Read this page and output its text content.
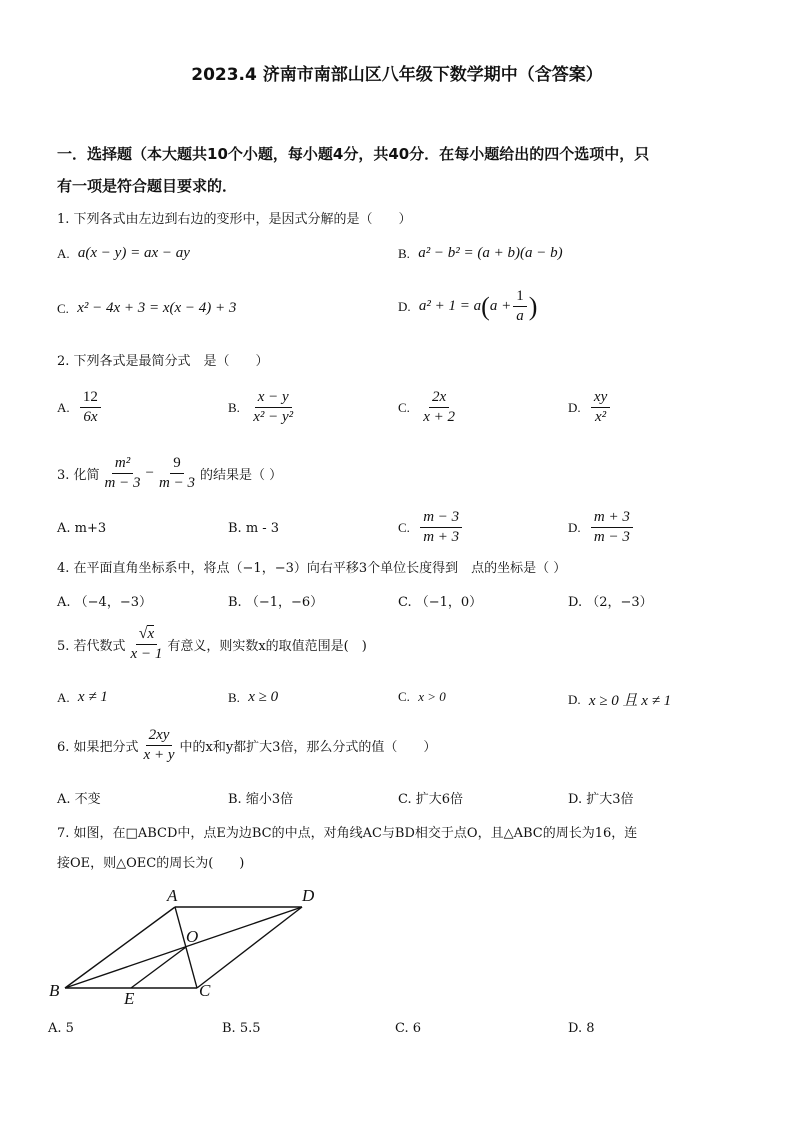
2023.4 济南市南部山区八年级下数学期中（含答案）
一．选择题（本大题共10个小题，每小题4分，共40分．在每小题给出的四个选项中，只
有一项是符合题目要求的．
1. 下列各式由左边到右边的变形中，是因式分解的是（　　）
A.
a(x − y) = ax − ay	B.
a² − b² = (a + b)(a − b)
C.
x² − 4x + 3 = x(x − 4) + 3	D.
a² + 1 = a ( $a + \frac{1}{a}$ )
2. 下列各式是最简分式　是（　　）
A.
$\frac{12}{6x}$	B.
$\frac{x - y}{\text{x² − y²}}$	C.
$\frac{2x}{x + 2}$	D.
$\frac{xy}{\text{x²}}$
3. 化简 $\frac{\text{m²}}{m - 3} - \frac{9}{m - 3}$ 的结果是（ ）
A. m+3	B. m - 3	C.
$\frac{m - 3}{m + 3}$	D.
$\frac{m + 3}{m - 3}$
4. 在平面直角坐标系中，将点（−1，−3）向右平移3个单位长度得到　点的坐标是（ ）
A. （−4，−3）	B. （−1，−6）	C. （−1，0）	D. （2，−3）
5. 若代数式 $\frac{√x}{x - 1}$ 有意义，则实数x的取值范围是(　)
A.
x ≠ 1	B.
x ≥ 0	C.
x > 0	D.
x ≥ 0 且 x ≠ 1
6. 如果把分式 $\frac{2xy}{x + y}$ 中的x和y都扩大3倍，那么分式的值（　　）
A. 不变	B. 缩小3倍	C. 扩大6倍	D. 扩大3倍
7. 如图，在□ABCD中，点E为边BC的中点，对角线AC与BD相交于点O，且△ABC的周长为16，连
接OE，则△OEC的周长为(　　)
A	D
O
B	E	C
A. 5	B. 5.5	C. 6	D. 8
